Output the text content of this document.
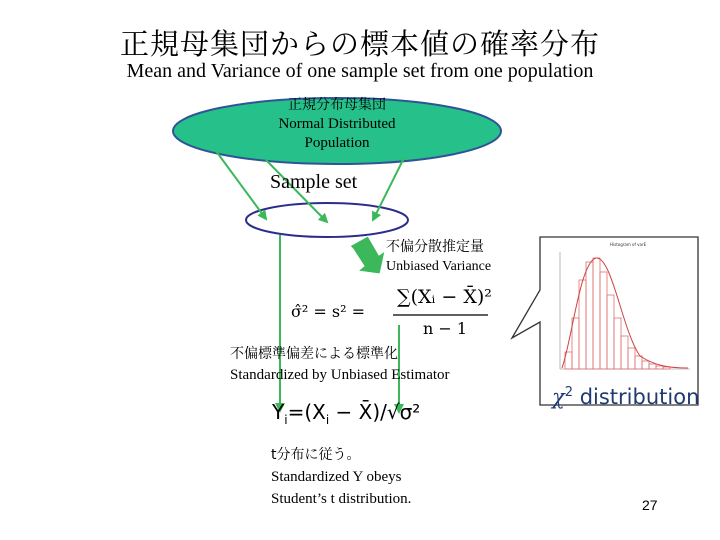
正規母集団からの標本値の確率分布
Mean and Variance of one sample set from one population
σ̂² = s² =
∑(Xᵢ − X̄)²
n − 1
Histogram of varE
正規分布母集団
Normal Distributed
Population
Sample set
不偏分散推定量
Unbiased Variance
不偏標準偏差による標準化
Standardized by Unbiased Estimator
$Y_i=(X_i$ − X̄)/√σ²
t分布に従う。
Standardized Y obeys
Student’s t distribution.
$\chi^2$ distribution
27
